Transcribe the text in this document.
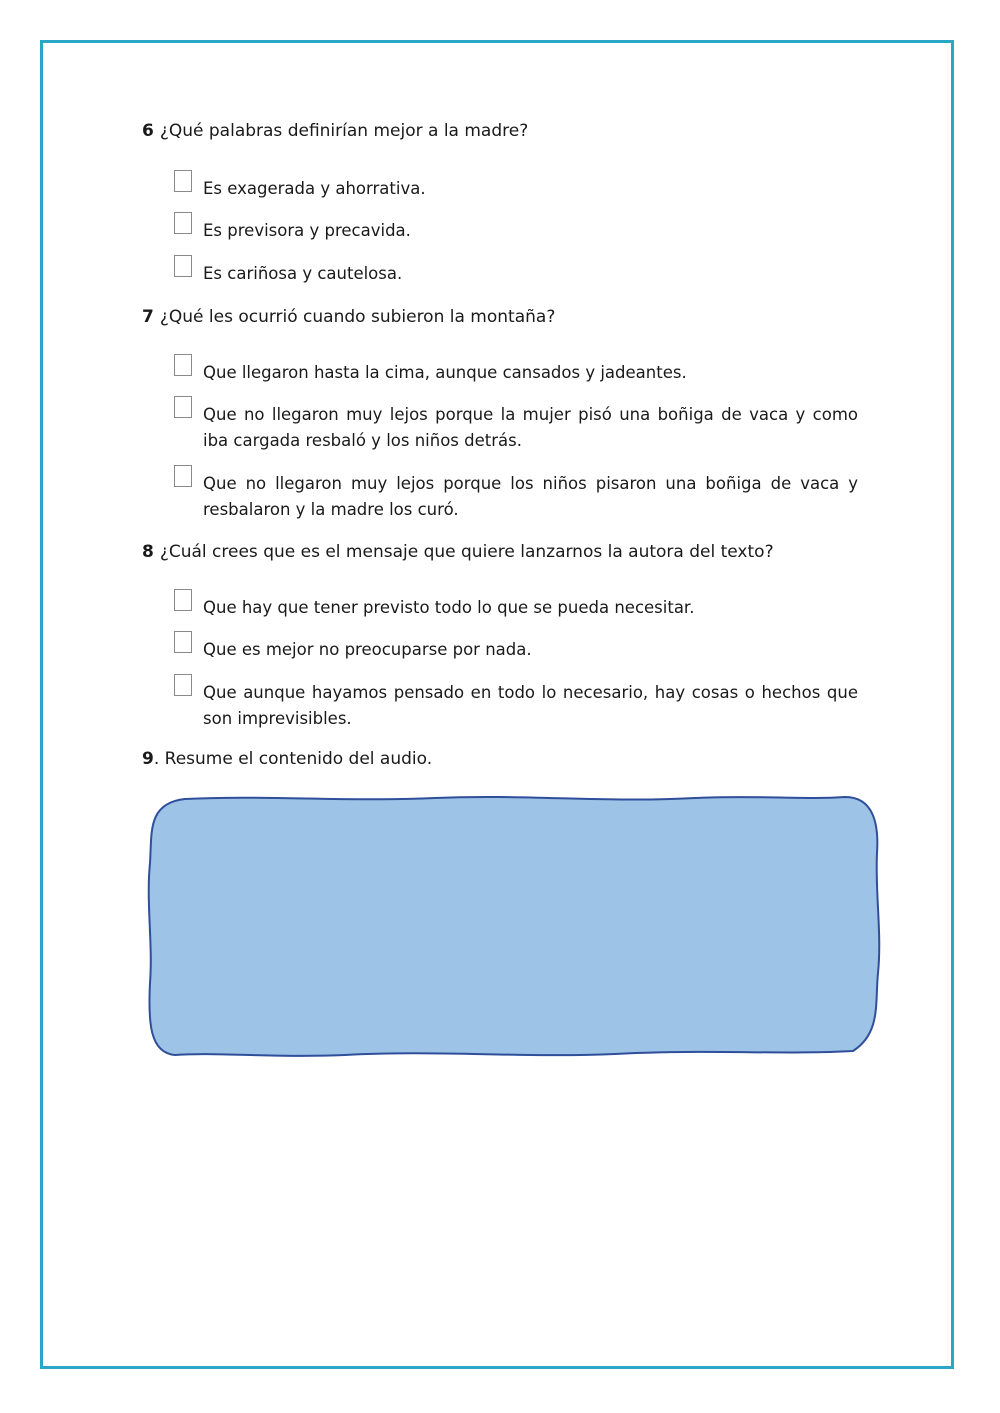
6 ¿Qué palabras definirían mejor a la madre?
Es exagerada y ahorrativa.
Es previsora y precavida.
Es cariñosa y cautelosa.
7 ¿Qué les ocurrió cuando subieron la montaña?
Que llegaron hasta la cima, aunque cansados y jadeantes.
Que no llegaron muy lejos porque la mujer pisó una boñiga de vaca y como iba cargada resbaló y los niños detrás.
Que no llegaron muy lejos porque los niños pisaron una boñiga de vaca y resbalaron y la madre los curó.
8 ¿Cuál crees que es el mensaje que quiere lanzarnos la autora del texto?
Que hay que tener previsto todo lo que se pueda necesitar.
Que es mejor no preocuparse por nada.
Que aunque hayamos pensado en todo lo necesario, hay cosas o hechos que son imprevisibles.
9. Resume el contenido del audio.
